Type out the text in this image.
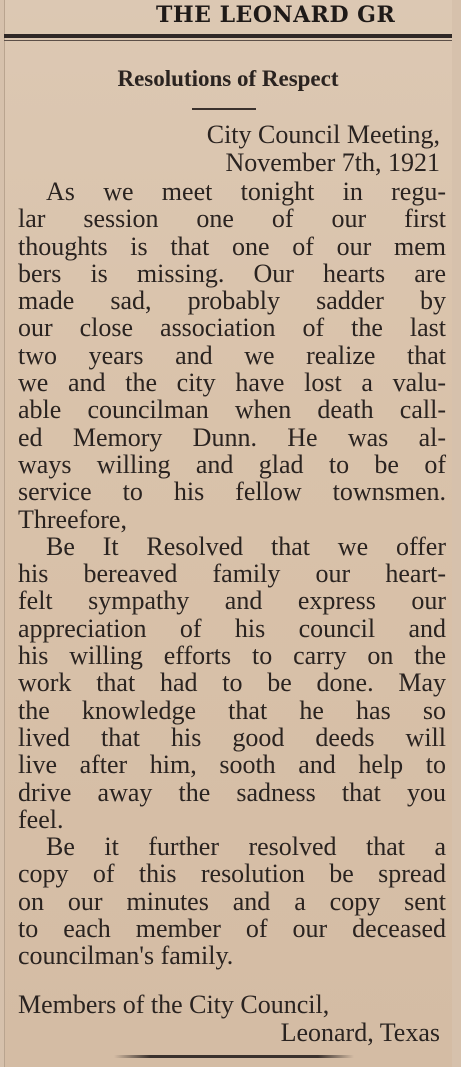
THE LEONARD GR
Resolutions of Respect
City Council Meeting,
November 7th, 1921
As we meet tonight in regu-
lar session one of our first
thoughts is that one of our mem
bers is missing. Our hearts are
made sad, probably sadder by
our close association of the last
two years and we realize that
we and the city have lost a valu-
able councilman when death call-
ed Memory Dunn. He was al-
ways willing and glad to be of
service to his fellow townsmen.
Threefore,
Be It Resolved that we offer
his bereaved family our heart-
felt sympathy and express our
appreciation of his council and
his willing efforts to carry on the
work that had to be done. May
the knowledge that he has so
lived that his good deeds will
live after him, sooth and help to
drive away the sadness that you
feel.
Be it further resolved that a
copy of this resolution be spread
on our minutes and a copy sent
to each member of our deceased
councilman's family.
Members of the City Council,
Leonard, Texas
